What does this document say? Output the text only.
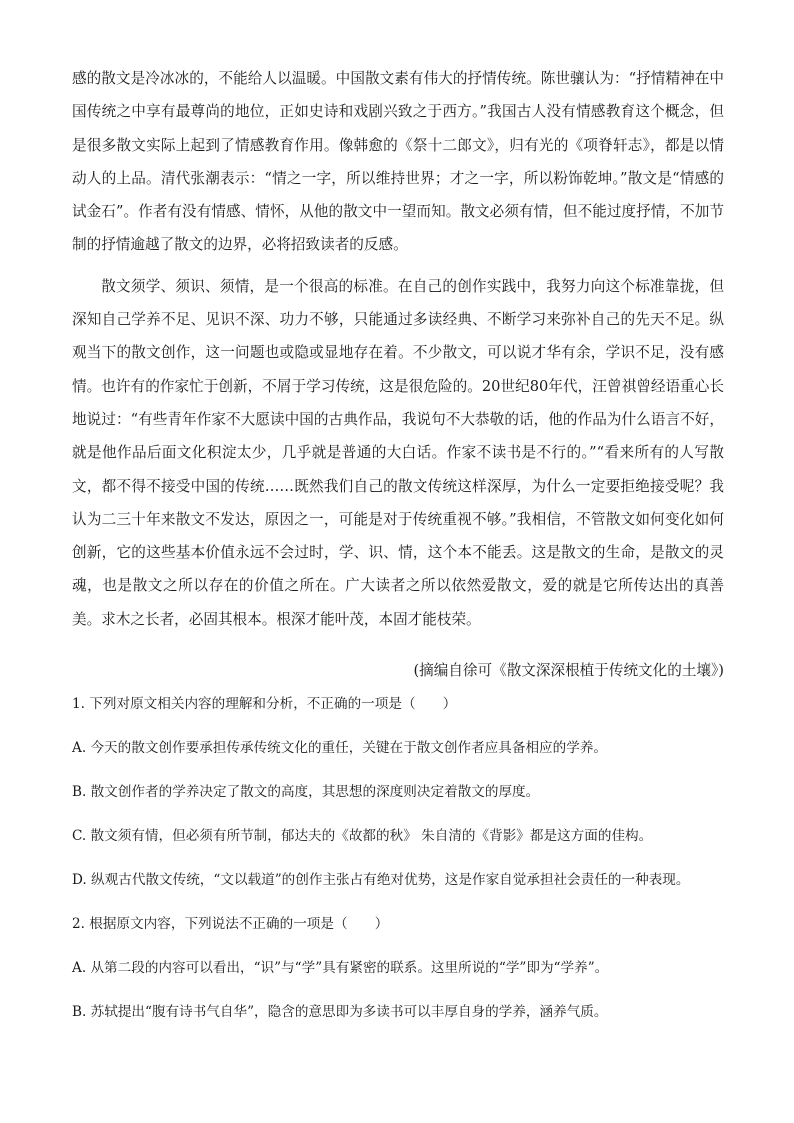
感的散文是冷冰冰的，不能给人以温暖。中国散文素有伟大的抒情传统。陈世骧认为：“抒情精神在中国传统之中享有最尊尚的地位，正如史诗和戏剧兴致之于西方。”我国古人没有情感教育这个概念，但是很多散文实际上起到了情感教育作用。像韩愈的《祭十二郎文》，归有光的《项脊轩志》，都是以情动人的上品。清代张潮表示：“情之一字，所以维持世界；才之一字，所以粉饰乾坤。”散文是“情感的试金石”。作者有没有情感、情怀，从他的散文中一望而知。散文必须有情，但不能过度抒情，不加节制的抒情逾越了散文的边界，必将招致读者的反感。

散文须学、须识、须情，是一个很高的标准。在自己的创作实践中，我努力向这个标准靠拢，但深知自己学养不足、见识不深、功力不够，只能通过多读经典、不断学习来弥补自己的先天不足。纵观当下的散文创作，这一问题也或隐或显地存在着。不少散文，可以说才华有余，学识不足，没有感情。也许有的作家忙于创新，不屑于学习传统，这是很危险的。20世纪80年代，汪曾祺曾经语重心长地说过：“有些青年作家不大愿读中国的古典作品，我说句不大恭敬的话，他的作品为什么语言不好，就是他作品后面文化积淀太少，几乎就是普通的大白话。作家不读书是不行的。”“看来所有的人写散文，都不得不接受中国的传统……既然我们自己的散文传统这样深厚，为什么一定要拒绝接受呢？我认为二三十年来散文不发达，原因之一，可能是对于传统重视不够。”我相信，不管散文如何变化如何创新，它的这些基本价值永远不会过时，学、识、情，这个本不能丢。这是散文的生命，是散文的灵魂，也是散文之所以存在的价值之所在。广大读者之所以依然爱散文，爱的就是它所传达出的真善美。求木之长者，必固其根本。根深才能叶茂，本固才能枝荣。

(摘编自徐可《散文深深根植于传统文化的土壤》)

1. 下列对原文相关内容的理解和分析，不正确的一项是（　　）

A. 今天的散文创作要承担传承传统文化的重任，关键在于散文创作者应具备相应的学养。

B. 散文创作者的学养决定了散文的高度，其思想的深度则决定着散文的厚度。

C. 散文须有情，但必须有所节制，郁达夫的《故都的秋》 朱自清的《背影》都是这方面的佳构。

D. 纵观古代散文传统，“文以载道”的创作主张占有绝对优势，这是作家自觉承担社会责任的一种表现。

2. 根据原文内容，下列说法不正确的一项是（　　）

A. 从第二段的内容可以看出，“识”与“学”具有紧密的联系。这里所说的“学”即为“学养”。

B. 苏轼提出“腹有诗书气自华”，隐含的意思即为多读书可以丰厚自身的学养，涵养气质。
